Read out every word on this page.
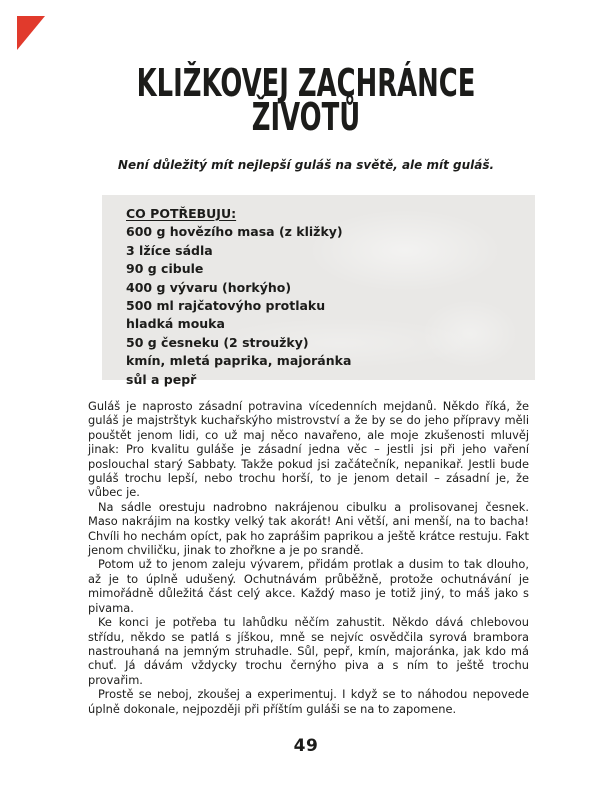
KLIŽKOVEJ ZACHRÁNCE
ŽIVOTŮ

Není důležitý mít nejlepší guláš na světě, ale mít guláš.

CO POTŘEBUJU:
600 g hovězího masa (z kližky)
3 lžíce sádla
90 g cibule
400 g vývaru (horkýho)
500 ml rajčatovýho protlaku
hladká mouka
50 g česneku (2 stroužky)
kmín, mletá paprika, majoránka
sůl a pepř

Guláš je naprosto zásadní potravina vícedenních mejdanů. Někdo říká, že guláš je majstrštyk kuchařskýho mistrovství a že by se do jeho přípravy měli pouštět jenom lidi, co už maj něco navařeno, ale moje zkušenosti mluvěj jinak: Pro kvalitu guláše je zásadní jedna věc – jestli jsi při jeho vaření poslouchal starý Sabbaty. Takže pokud jsi začátečník, nepanikař. Jestli bude guláš trochu lepší, nebo trochu horší, to je jenom detail – zásadní je, že vůbec je.

Na sádle orestuju nadrobno nakrájenou cibulku a prolisovanej česnek. Maso nakrájim na kostky velký tak akorát! Ani větší, ani menší, na to bacha! Chvíli ho nechám opíct, pak ho zaprášim paprikou a ještě krátce restuju. Fakt jenom chviličku, jinak to zhořkne a je po srandě.

Potom už to jenom zaleju vývarem, přidám protlak a dusim to tak dlouho, až je to úplně udušený. Ochutnávám průběžně, protože ochutnávání je mimořádně důležitá část celý akce. Každý maso je totiž jiný, to máš jako s pivama.

Ke konci je potřeba tu lahůdku něčím zahustit. Někdo dává chlebovou střídu, někdo se patlá s jíškou, mně se nejvíc osvědčila syrová brambora nastrouhaná na jemným struhadle. Sůl, pepř, kmín, majoránka, jak kdo má chuť. Já dávám vždycky trochu černýho piva a s ním to ještě trochu provařim.

Prostě se neboj, zkoušej a experimentuj. I když se to náhodou nepovede úplně dokonale, nejpozději při příštím guláši se na to zapomene.

49
